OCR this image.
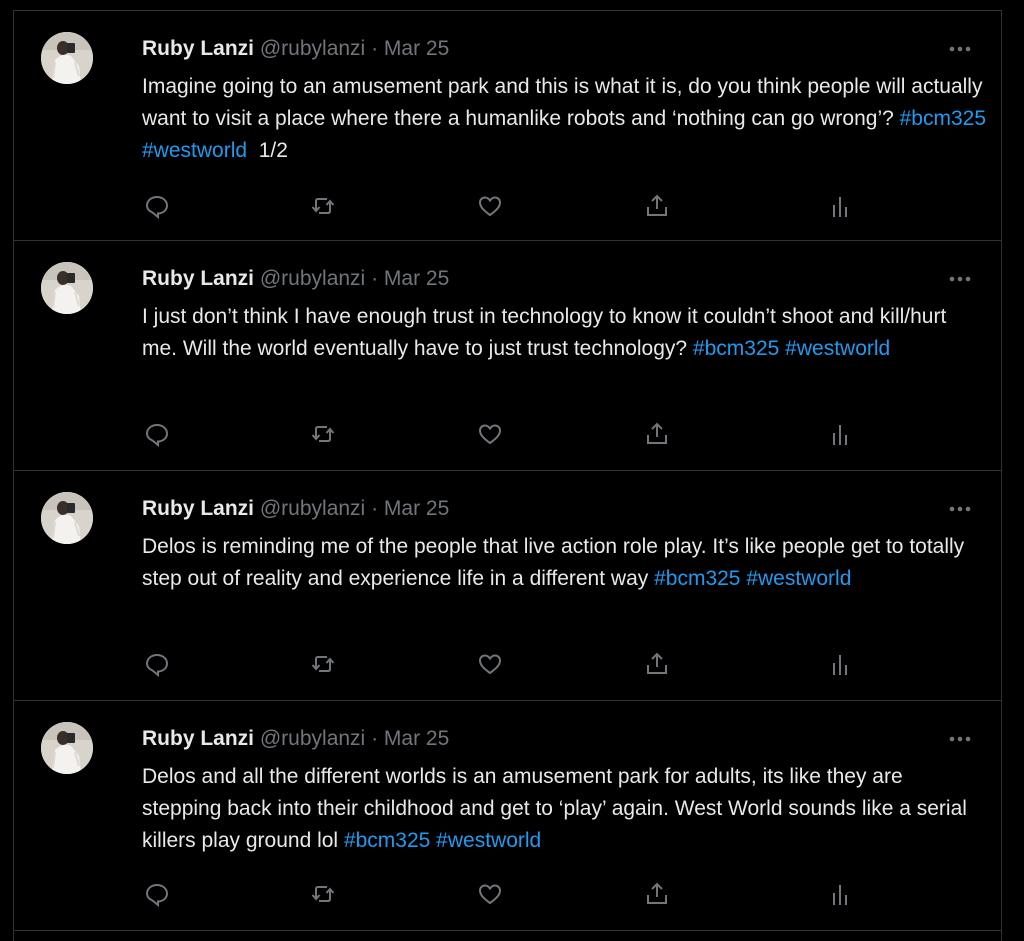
Ruby Lanzi @rubylanzi · Mar 25
Imagine going to an amusement park and this is what it is, do you think people will actually want to visit a place where there a humanlike robots and ‘nothing can go wrong’? #bcm325 #westworld  1/2
Ruby Lanzi @rubylanzi · Mar 25
I just don’t think I have enough trust in technology to know it couldn’t shoot and kill/hurt me. Will the world eventually have to just trust technology? #bcm325 #westworld
Ruby Lanzi @rubylanzi · Mar 25
Delos is reminding me of the people that live action role play. It’s like people get to totally step out of reality and experience life in a different way #bcm325 #westworld
Ruby Lanzi @rubylanzi · Mar 25
Delos and all the different worlds is an amusement park for adults, its like they are stepping back into their childhood and get to ‘play’ again. West World sounds like a serial killers play ground lol #bcm325 #westworld
